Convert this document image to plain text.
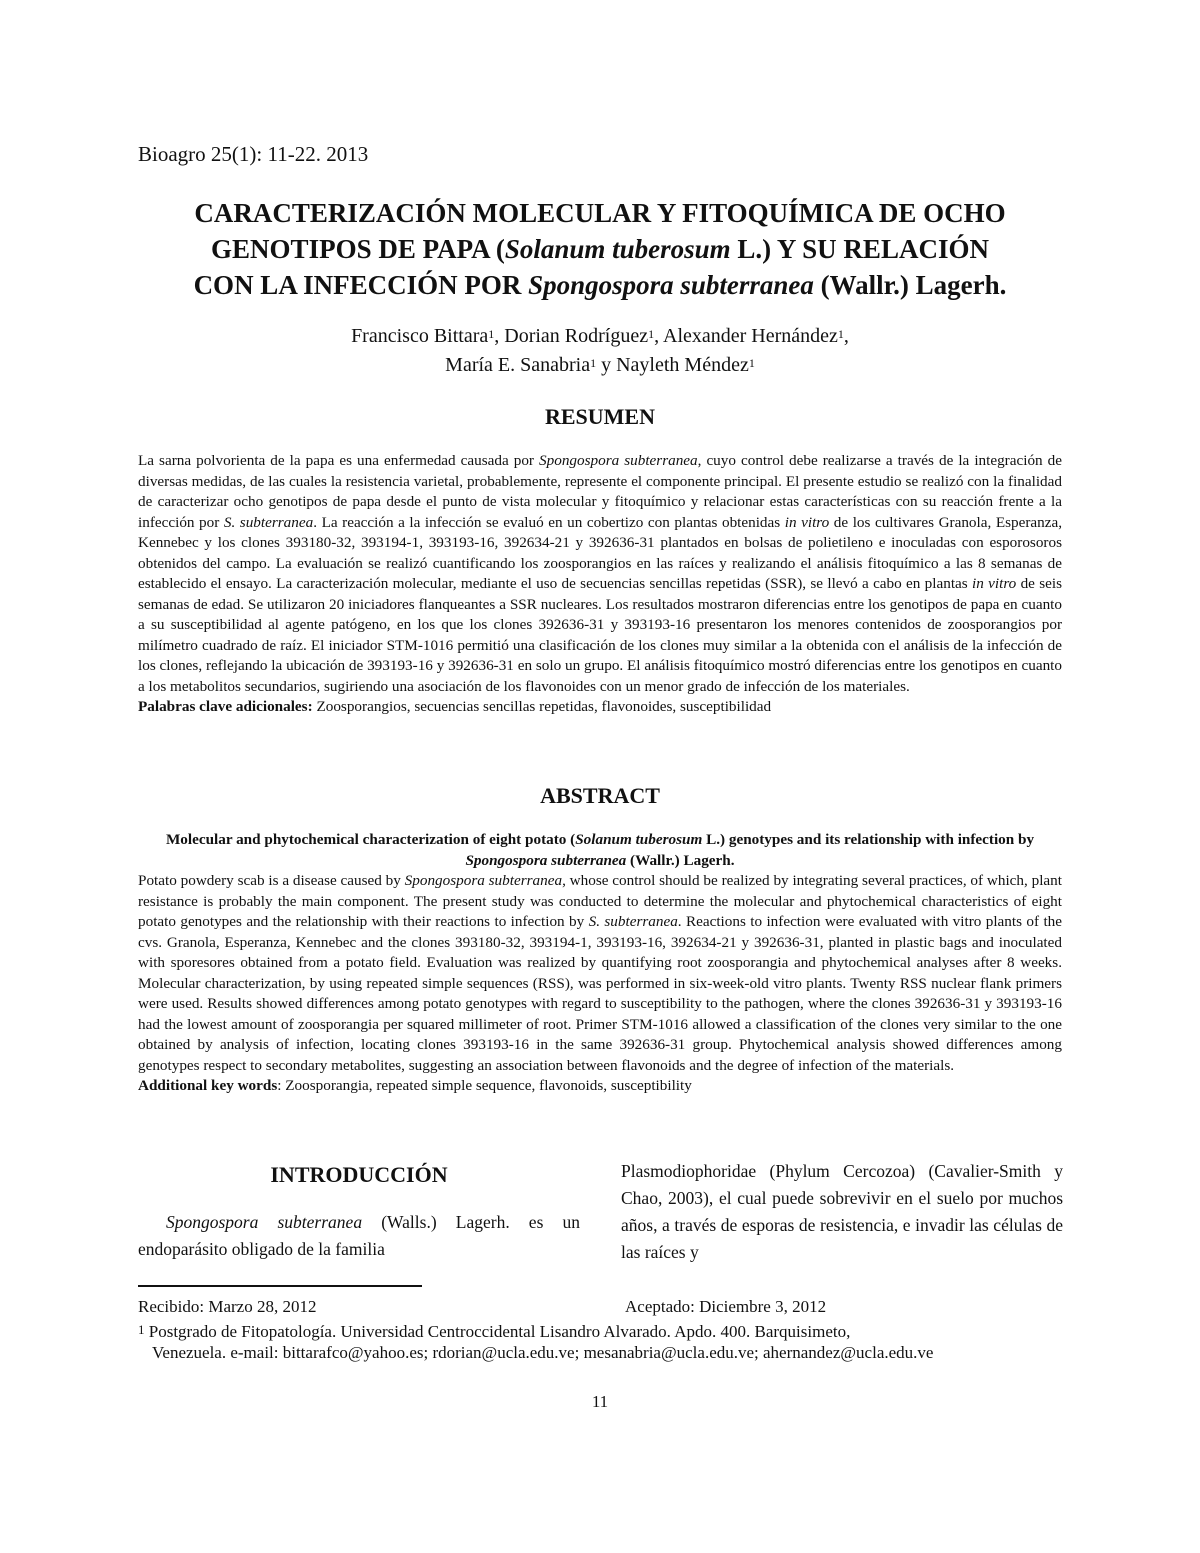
Bioagro 25(1): 11-22. 2013
CARACTERIZACIÓN MOLECULAR Y FITOQUÍMICA DE OCHO
GENOTIPOS DE PAPA (Solanum tuberosum L.) Y SU RELACIÓN
CON LA INFECCIÓN POR Spongospora subterranea (Wallr.) Lagerh.
Francisco Bittara$^1$, Dorian Rodríguez$^1$, Alexander Hernández$^1$,
María E. Sanabria$^1$ y Nayleth Méndez$^1$
RESUMEN
La sarna polvorienta de la papa es una enfermedad causada por Spongospora subterranea, cuyo control debe realizarse a través de la integración de diversas medidas, de las cuales la resistencia varietal, probablemente, represente el componente principal. El presente estudio se realizó con la finalidad de caracterizar ocho genotipos de papa desde el punto de vista molecular y fitoquímico y relacionar estas características con su reacción frente a la infección por S. subterranea. La reacción a la infección se evaluó en un cobertizo con plantas obtenidas in vitro de los cultivares Granola, Esperanza, Kennebec y los clones 393180-32, 393194-1, 393193-16, 392634-21 y 392636-31 plantados en bolsas de polietileno e inoculadas con esporosoros obtenidos del campo. La evaluación se realizó cuantificando los zoosporangios en las raíces y realizando el análisis fitoquímico a las 8 semanas de establecido el ensayo. La caracterización molecular, mediante el uso de secuencias sencillas repetidas (SSR), se llevó a cabo en plantas in vitro de seis semanas de edad. Se utilizaron 20 iniciadores flanqueantes a SSR nucleares. Los resultados mostraron diferencias entre los genotipos de papa en cuanto a su susceptibilidad al agente patógeno, en los que los clones 392636-31 y 393193-16 presentaron los menores contenidos de zoosporangios por milímetro cuadrado de raíz. El iniciador STM-1016 permitió una clasificación de los clones muy similar a la obtenida con el análisis de la infección de los clones, reflejando la ubicación de 393193-16 y 392636-31 en solo un grupo. El análisis fitoquímico mostró diferencias entre los genotipos en cuanto a los metabolitos secundarios, sugiriendo una asociación de los flavonoides con un menor grado de infección de los materiales.
Palabras clave adicionales: Zoosporangios, secuencias sencillas repetidas, flavonoides, susceptibilidad
ABSTRACT
Molecular and phytochemical characterization of eight potato (Solanum tuberosum L.) genotypes and its relationship with infection by Spongospora subterranea (Wallr.) Lagerh.
Potato powdery scab is a disease caused by Spongospora subterranea, whose control should be realized by integrating several practices, of which, plant resistance is probably the main component. The present study was conducted to determine the molecular and phytochemical characteristics of eight potato genotypes and the relationship with their reactions to infection by S. subterranea. Reactions to infection were evaluated with vitro plants of the cvs. Granola, Esperanza, Kennebec and the clones 393180-32, 393194-1, 393193-16, 392634-21 y 392636-31, planted in plastic bags and inoculated with sporesores obtained from a potato field. Evaluation was realized by quantifying root zoosporangia and phytochemical analyses after 8 weeks. Molecular characterization, by using repeated simple sequences (RSS), was performed in six-week-old vitro plants. Twenty RSS nuclear flank primers were used. Results showed differences among potato genotypes with regard to susceptibility to the pathogen, where the clones 392636-31 y 393193-16 had the lowest amount of zoosporangia per squared millimeter of root. Primer STM-1016 allowed a classification of the clones very similar to the one obtained by analysis of infection, locating clones 393193-16 in the same 392636-31 group. Phytochemical analysis showed differences among genotypes respect to secondary metabolites, suggesting an association between flavonoids and the degree of infection of the materials.
Additional key words: Zoosporangia, repeated simple sequence, flavonoids, susceptibility
INTRODUCCIÓN
Spongospora subterranea (Walls.) Lagerh. es un endoparásito obligado de la familia
Plasmodiophoridae (Phylum Cercozoa) (Cavalier-Smith y Chao, 2003), el cual puede sobrevivir en el suelo por muchos años, a través de esporas de resistencia, e invadir las células de las raíces y
Recibido: Marzo 28, 2012	Aceptado: Diciembre 3, 2012
$^1$ Postgrado de Fitopatología. Universidad Centroccidental Lisandro Alvarado. Apdo. 400. Barquisimeto,
Venezuela. e-mail: bittarafco@yahoo.es; rdorian@ucla.edu.ve; mesanabria@ucla.edu.ve; ahernandez@ucla.edu.ve
11
